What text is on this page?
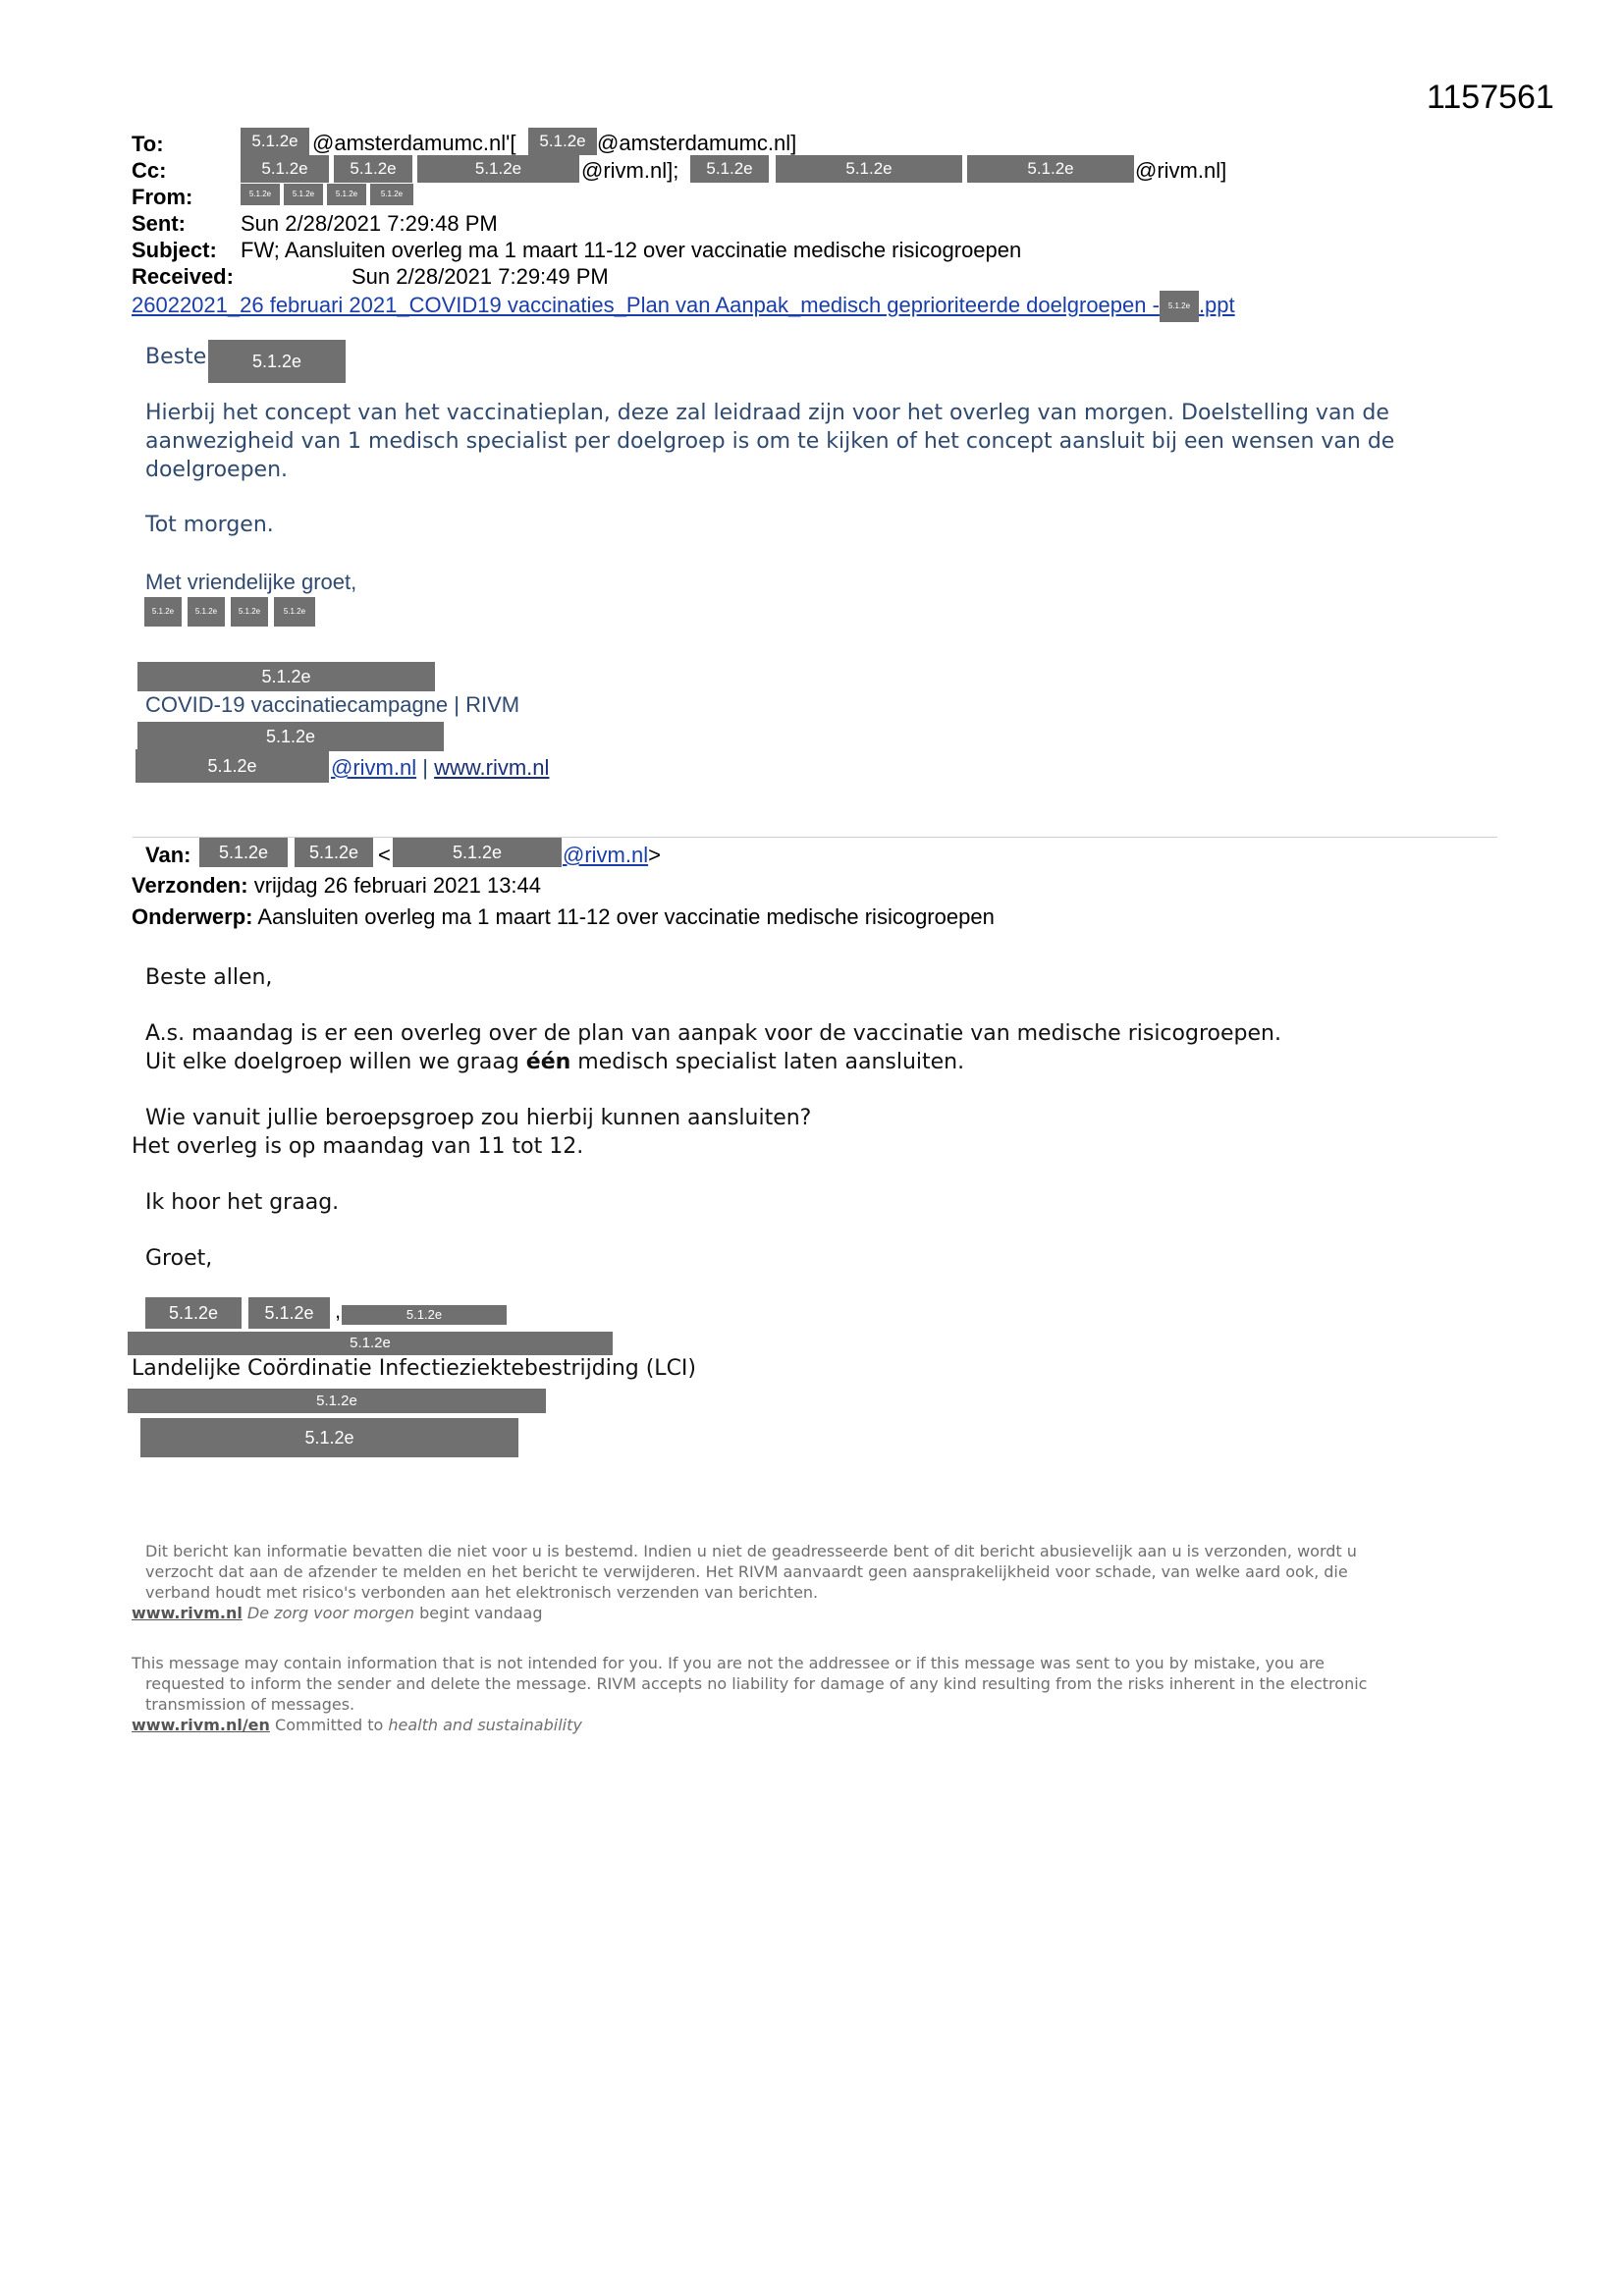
1157561
To:	5.1.2e @amsterdamumc.nl'[	5.1.2e @amsterdamumc.nl]
Cc:	5.1.2e	5.1.2e	5.1.2e	@rivm.nl];	5.1.2e	5.1.2e	5.1.2e	@rivm.nl]
From:	5.1.2e	5.1.2e	5.1.2e	5.1.2e
Sent:	Sun 2/28/2021 7:29:48 PM
Subject: FW; Aansluiten overleg ma 1 maart 11-12 over vaccinatie medische risicogroepen
Received:	Sun 2/28/2021 7:29:49 PM
26022021_26 februari 2021_COVID19 vaccinaties_Plan van Aanpak_medisch geprioriteerde doelgroepen - 5.1.2e .ppt
Beste	5.1.2e
Hierbij het concept van het vaccinatieplan, deze zal leidraad zijn voor het overleg van morgen. Doelstelling van de
aanwezigheid van 1 medisch specialist per doelgroep is om te kijken of het concept aansluit bij een wensen van de
doelgroepen.
Tot morgen.
Met vriendelijke groet,
5.1.2e	5.1.2e	5.1.2e	5.1.2e
5.1.2e
COVID-19 vaccinatiecampagne | RIVM
5.1.2e
5.1.2e	@rivm.nl | www.rivm.nl
Van:	5.1.2e	5.1.2e <	5.1.2e	@rivm.nl>
Verzonden: vrijdag 26 februari 2021 13:44
Onderwerp: Aansluiten overleg ma 1 maart 11-12 over vaccinatie medische risicogroepen
Beste allen,
A.s. maandag is er een overleg over de plan van aanpak voor de vaccinatie van medische risicogroepen.
Uit elke doelgroep willen we graag één medisch specialist laten aansluiten.
Wie vanuit jullie beroepsgroep zou hierbij kunnen aansluiten?
Het overleg is op maandag van 11 tot 12.
Ik hoor het graag.
Groet,
5.1.2e	5.1.2e ,	5.1.2e
5.1.2e
Landelijke Coördinatie Infectieziektebestrijding (LCI)
5.1.2e
5.1.2e
Dit bericht kan informatie bevatten die niet voor u is bestemd. Indien u niet de geadresseerde bent of dit bericht abusievelijk aan u is verzonden, wordt u
verzocht dat aan de afzender te melden en het bericht te verwijderen. Het RIVM aanvaardt geen aansprakelijkheid voor schade, van welke aard ook, die
verband houdt met risico's verbonden aan het elektronisch verzenden van berichten.
www.rivm.nl De zorg voor morgen begint vandaag
This message may contain information that is not intended for you. If you are not the addressee or if this message was sent to you by mistake, you are
requested to inform the sender and delete the message. RIVM accepts no liability for damage of any kind resulting from the risks inherent in the electronic
transmission of messages.
www.rivm.nl/en Committed to health and sustainability
